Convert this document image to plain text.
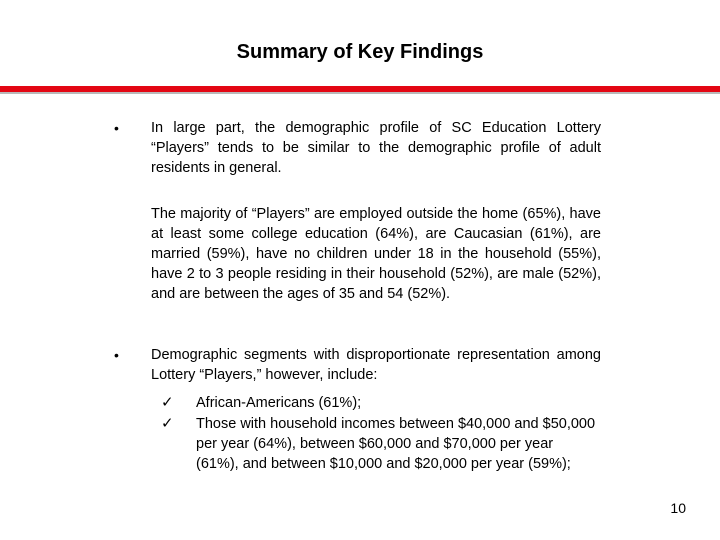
Summary of Key Findings
• In large part, the demographic profile of SC Education Lottery “Players” tends to be similar to the demographic profile of adult residents in general.

The majority of “Players” are employed outside the home (65%), have at least some college education (64%), are Caucasian (61%), are married (59%), have no children under 18 in the household (55%), have 2 to 3 people residing in their household (52%), are male (52%), and are between the ages of 35 and 54 (52%).

• Demographic segments with disproportionate representation among Lottery “Players,” however, include:

✓ African-Americans (61%);

✓ Those with household incomes between $40,000 and $50,000 per year (64%), between $60,000 and $70,000 per year (61%), and between $10,000 and $20,000 per year (59%);

10
